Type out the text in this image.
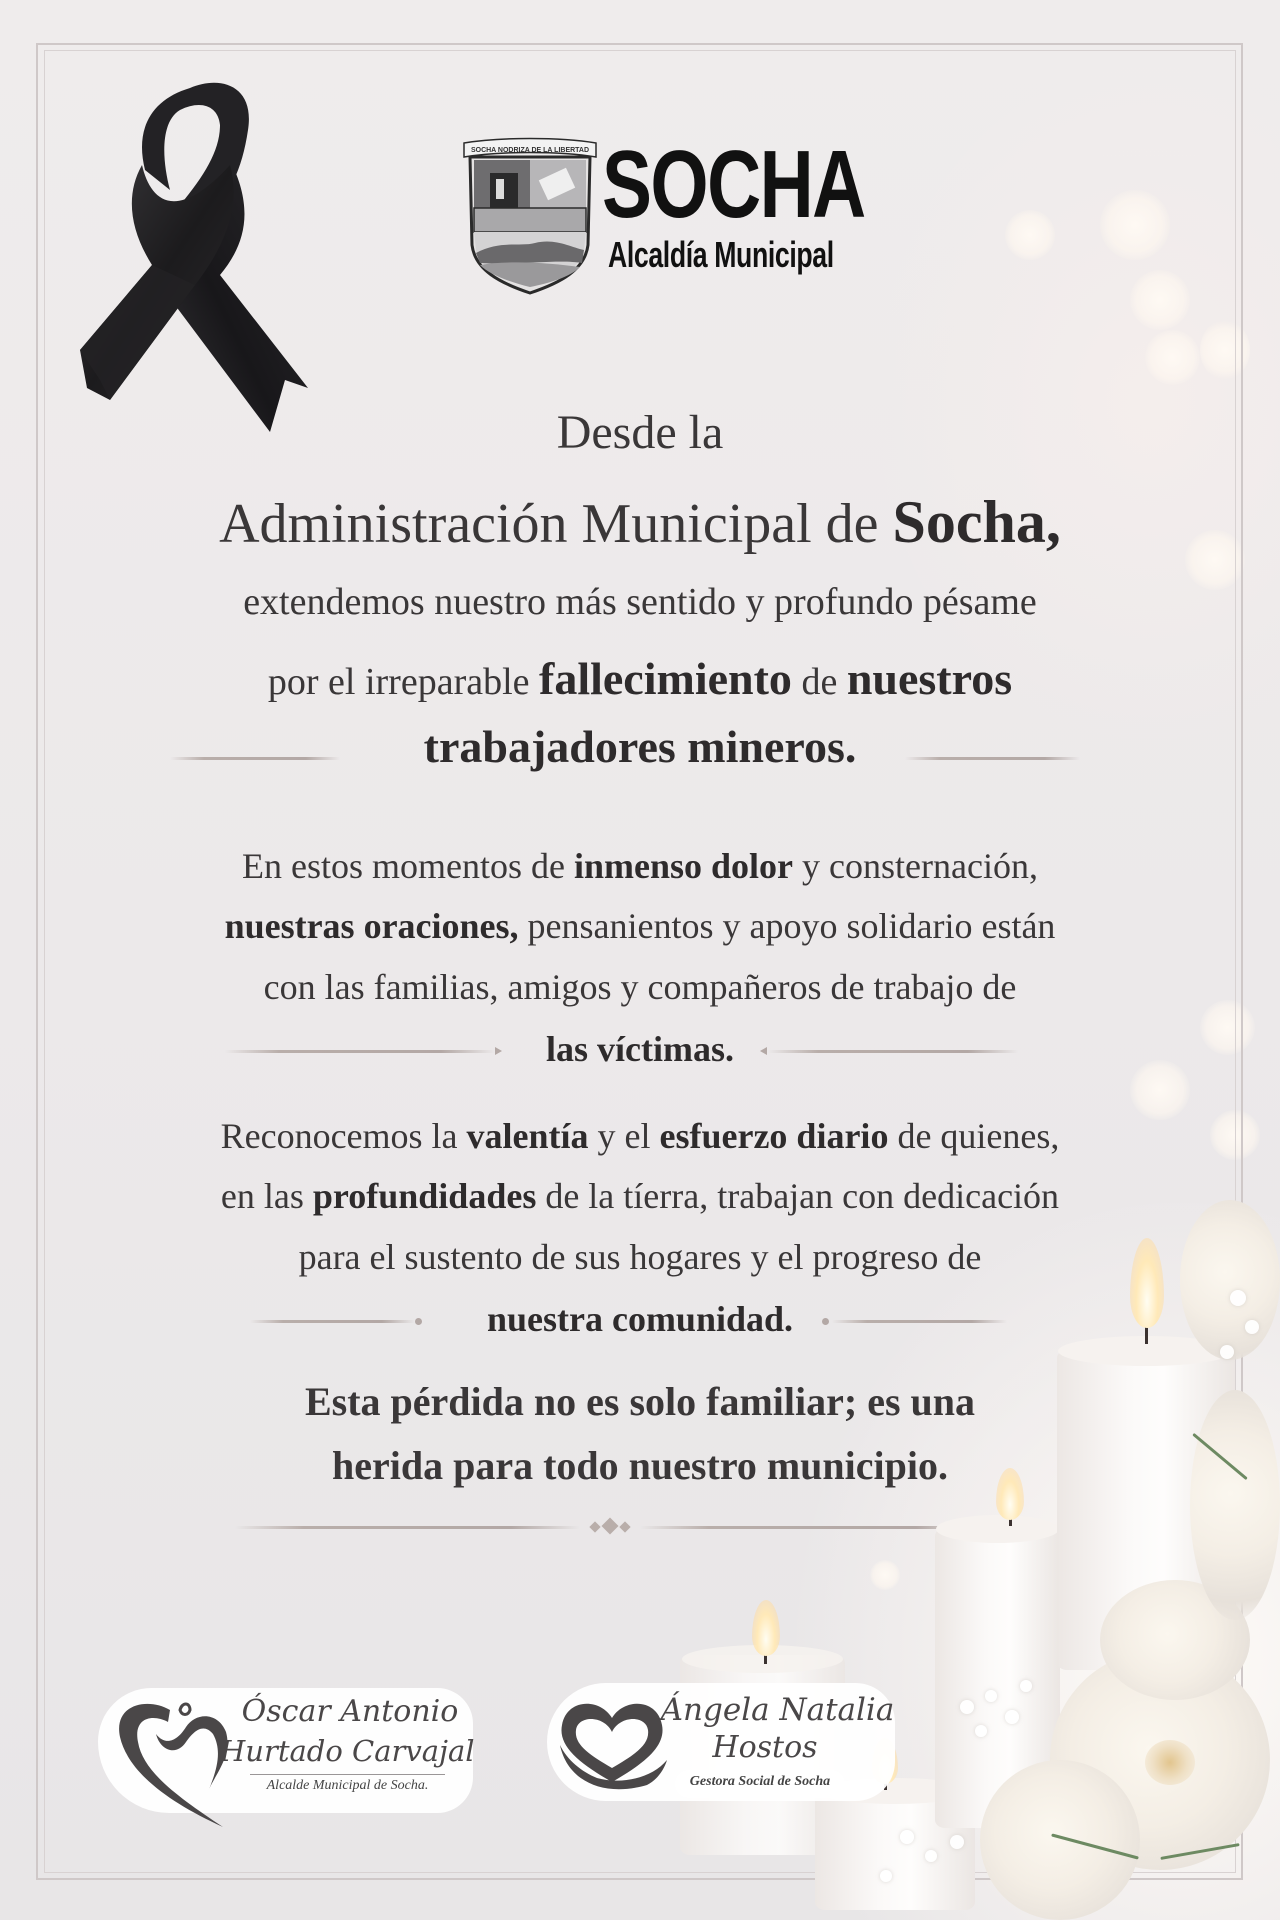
SOCHA NODRIZA DE LA LIBERTAD SOCHA
Alcaldía Municipal
Desde la
Administración Municipal de Socha,
extendemos nuestro más sentido y profundo pésame
por el irreparable fallecimiento de nuestros
trabajadores mineros.
En estos momentos de inmenso dolor y consternación,
nuestras oraciones, pensanientos y apoyo solidario están
con las familias, amigos y compañeros de trabajo de
las víctimas.
Reconocemos la valentía y el esfuerzo diario de quienes,
en las profundidades de la tíerra, trabajan con dedicación
para el sustento de sus hogares y el progreso de
nuestra comunidad.
Esta pérdida no es solo familiar; es una
herida para todo nuestro municipio.
Óscar Antonio
Hurtado Carvajal
Alcalde Municipal de Socha.
Ángela Natalia
Hostos
Gestora Social de Socha
